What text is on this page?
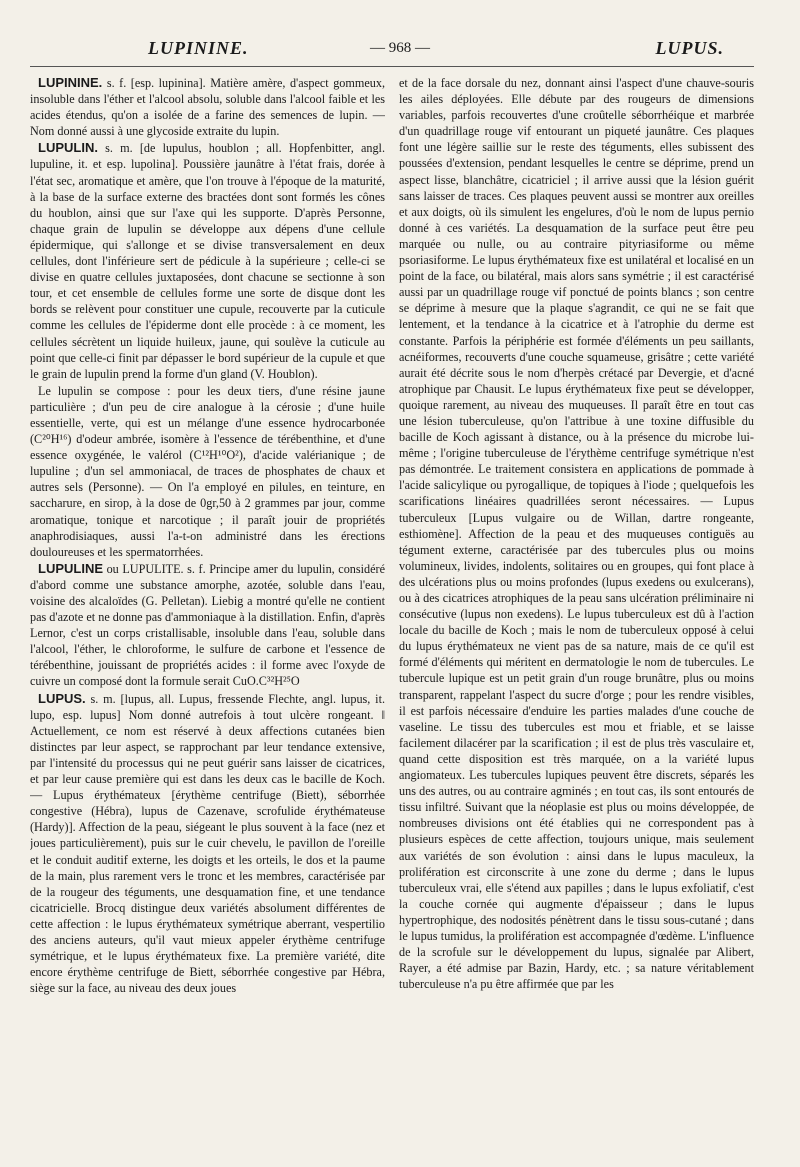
LUPININE.	— 968 —	LUPUS.

LUPININE. s. f. [esp. lupinina]. Matière amère, d'aspect gommeux, insoluble dans l'éther et l'alcool absolu, soluble dans l'alcool faible et les acides étendus, qu'on a isolée de a farine des semences de lupin. — Nom donné aussi à une glycoside extraite du lupin.

LUPULIN. s. m. [de lupulus, houblon ; all. Hopfenbitter, angl. lupuline, it. et esp. lupolina]. Poussière jaunâtre à l'état frais, dorée à l'état sec, aromatique et amère, que l'on trouve à l'époque de la maturité, à la base de la surface externe des bractées dont sont formés les cônes du houblon, ainsi que sur l'axe qui les supporte. D'après Personne, chaque grain de lupulin se développe aux dépens d'une cellule épidermique, qui s'allonge et se divise transversalement en deux cellules, dont l'inférieure sert de pédicule à la supérieure ; celle-ci se divise en quatre cellules juxtaposées, dont chacune se sectionne à son tour, et cet ensemble de cellules forme une sorte de disque dont les bords se relèvent pour constituer une cupule, recouverte par la cuticule comme les cellules de l'épiderme dont elle procède : à ce moment, les cellules sécrètent un liquide huileux, jaune, qui soulève la cuticule au point que celle-ci finit par dépasser le bord supérieur de la cupule et que le grain de lupulin prend la forme d'un gland (V. Houblon).

Le lupulin se compose : pour les deux tiers, d'une résine jaune particulière ; d'un peu de cire analogue à la cérosie ; d'une huile essentielle, verte, qui est un mélange d'une essence hydrocarbonée (C²⁰H¹⁶) d'odeur ambrée, isomère à l'essence de térébenthine, et d'une essence oxygénée, le valérol (C¹²H¹⁰O²), d'acide valérianique ; de lupuline ; d'un sel ammoniacal, de traces de phosphates de chaux et autres sels (Personne). — On l'a employé en pilules, en teinture, en saccharure, en sirop, à la dose de 0gr,50 à 2 grammes par jour, comme aromatique, tonique et narcotique ; il paraît jouir de propriétés anaphrodisiaques, aussi l'a-t-on administré dans les érections douloureuses et les spermatorrhées.

LUPULINE ou LUPULITE. s. f. Principe amer du lupulin, considéré d'abord comme une substance amorphe, azotée, soluble dans l'eau, voisine des alcaloïdes (G. Pelletan). Liebig a montré qu'elle ne contient pas d'azote et ne donne pas d'ammoniaque à la distillation. Enfin, d'après Lernor, c'est un corps cristallisable, insoluble dans l'eau, soluble dans l'alcool, l'éther, le chloroforme, le sulfure de carbone et l'essence de térébenthine, jouissant de propriétés acides : il forme avec l'oxyde de cuivre un composé dont la formule serait CuO.C³²H²⁵O

LUPUS. s. m. [lupus, all. Lupus, fressende Flechte, angl. lupus, it. lupo, esp. lupus] Nom donné autrefois à tout ulcère rongeant. ‖ Actuellement, ce nom est réservé à deux affections cutanées bien distinctes par leur aspect, se rapprochant par leur tendance extensive, par l'intensité du processus qui ne peut guérir sans laisser de cicatrices, et par leur cause première qui est dans les deux cas le bacille de Koch. — Lupus érythémateux [érythème centrifuge (Biett), séborrhée congestive (Hébra), lupus de Cazenave, scrofulide érythémateuse (Hardy)]. Affection de la peau, siégeant le plus souvent à la face (nez et joues particulièrement), puis sur le cuir chevelu, le pavillon de l'oreille et le conduit auditif externe, les doigts et les orteils, le dos et la paume de la main, plus rarement vers le tronc et les membres, caractérisée par de la rougeur des téguments, une desquamation fine, et une tendance cicatricielle. Brocq distingue deux variétés absolument différentes de cette affection : le lupus érythémateux symétrique aberrant, vespertilio des anciens auteurs, qu'il vaut mieux appeler érythème centrifuge symétrique, et le lupus érythémateux fixe. La première variété, dite encore érythème centrifuge de Biett, séborrhée congestive par Hébra, siège sur la face, au niveau des deux joues

et de la face dorsale du nez, donnant ainsi l'aspect d'une chauve-souris les ailes déployées. Elle débute par des rougeurs de dimensions variables, parfois recouvertes d'une croûtelle séborrhéique et marbrée d'un quadrillage rouge vif entourant un piqueté jaunâtre. Ces plaques font une légère saillie sur le reste des téguments, elles subissent des poussées d'extension, pendant lesquelles le centre se déprime, prend un aspect lisse, blanchâtre, cicatriciel ; il arrive aussi que la lésion guérit sans laisser de traces. Ces plaques peuvent aussi se montrer aux oreilles et aux doigts, où ils simulent les engelures, d'où le nom de lupus pernio donné à ces variétés. La desquamation de la surface peut être peu marquée ou nulle, ou au contraire pityriasiforme ou même psoriasiforme. Le lupus érythémateux fixe est unilatéral et localisé en un point de la face, ou bilatéral, mais alors sans symétrie ; il est caractérisé aussi par un quadrillage rouge vif ponctué de points blancs ; son centre se déprime à mesure que la plaque s'agrandit, ce qui ne se fait que lentement, et la tendance à la cicatrice et à l'atrophie du derme est constante. Parfois la périphérie est formée d'éléments un peu saillants, acnéiformes, recouverts d'une couche squameuse, grisâtre ; cette variété aurait été décrite sous le nom d'herpès crétacé par Devergie, et d'acné atrophique par Chausit. Le lupus érythémateux fixe peut se développer, quoique rarement, au niveau des muqueuses. Il paraît être en tout cas une lésion tuberculeuse, qu'on l'attribue à une toxine diffusible du bacille de Koch agissant à distance, ou à la présence du microbe lui-même ; l'origine tuberculeuse de l'érythème centrifuge symétrique n'est pas démontrée. Le traitement consistera en applications de pommade à l'acide salicylique ou pyrogallique, de topiques à l'iode ; quelquefois les scarifications linéaires quadrillées seront nécessaires. — Lupus tuberculeux [Lupus vulgaire ou de Willan, dartre rongeante, esthiomène]. Affection de la peau et des muqueuses contiguës au tégument externe, caractérisée par des tubercules plus ou moins volumineux, livides, indolents, solitaires ou en groupes, qui font place à des ulcérations plus ou moins profondes (lupus exedens ou exulcerans), ou à des cicatrices atrophiques de la peau sans ulcération préliminaire ni consécutive (lupus non exedens). Le lupus tuberculeux est dû à l'action locale du bacille de Koch ; mais le nom de tuberculeux opposé à celui du lupus érythémateux ne vient pas de sa nature, mais de ce qu'il est formé d'éléments qui méritent en dermatologie le nom de tubercules. Le tubercule lupique est un petit grain d'un rouge brunâtre, plus ou moins transparent, rappelant l'aspect du sucre d'orge ; pour les rendre visibles, il est parfois nécessaire d'enduire les parties malades d'une couche de vaseline. Le tissu des tubercules est mou et friable, et se laisse facilement dilacérer par la scarification ; il est de plus très vasculaire et, quand cette disposition est très marquée, on a la variété lupus angiomateux. Les tubercules lupiques peuvent être discrets, séparés les uns des autres, ou au contraire agminés ; en tout cas, ils sont entourés de tissu infiltré. Suivant que la néoplasie est plus ou moins développée, de nombreuses divisions ont été établies qui ne correspondent pas à plusieurs espèces de cette affection, toujours unique, mais seulement aux variétés de son évolution : ainsi dans le lupus maculeux, la prolifération est circonscrite à une zone du derme ; dans le lupus tuberculeux vrai, elle s'étend aux papilles ; dans le lupus exfoliatif, c'est la couche cornée qui augmente d'épaisseur ; dans le lupus hypertrophique, des nodosités pénètrent dans le tissu sous-cutané ; dans le lupus tumidus, la prolifération est accompagnée d'œdème. L'influence de la scrofule sur le développement du lupus, signalée par Alibert, Rayer, a été admise par Bazin, Hardy, etc. ; sa nature véritablement tuberculeuse n'a pu être affirmée que par les
